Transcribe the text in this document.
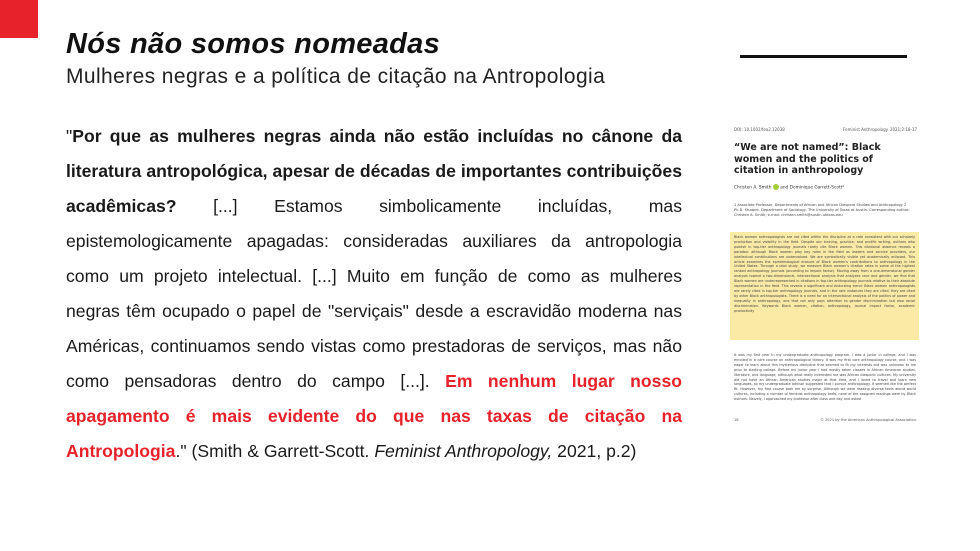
Nós não somos nomeadas
Mulheres negras e a política de citação na Antropologia
"Por que as mulheres negras ainda não estão incluídas no cânone da literatura antropológica, apesar de décadas de importantes contribuições acadêmicas? [...] Estamos simbolicamente incluídas, mas epistemologicamente apagadas: consideradas auxiliares da antropologia como um projeto intelectual. [...] Muito em função de como as mulheres negras têm ocupado o papel de "serviçais" desde a escravidão moderna nas Américas, continuamos sendo vistas como prestadoras de serviços, mas não como pensadoras dentro do campo [...]. Em nenhum lugar nosso apagamento é mais evidente do que nas taxas de citação na Antropologia." (Smith & Garrett-Scott. Feminist Anthropology, 2021, p.2)
DOI: 10.1002/fea2.12038	Feminist Anthropology. 2021;2:18-37
“We are not named”: Black women and the politics of citation in anthropology
Christen A. Smith  and Dominique Garrett-Scott²
1 Associate Professor, Departments of African and African Diaspora Studies and Anthropology 2 Ph.D. Student, Department of Sociology, The University of Texas at Austin. Corresponding author: Christen A. Smith; e-mail: christen.smith@austin.utexas.edu
Black women anthropologists are not cited within the discipline at a rate consistent with our scholarly production and visibility in the field. Despite our training, practice, and prolific writing, authors who publish in top-tier anthropology journals rarely cite Black women. This citational absence reveals a paradox: although Black women play key roles in the field as leaders and service providers, our intellectual contributions are undervalued. We are symbolically visible yet academically eclipsed. This article examines the epistemological erasure of Black women's contributions to anthropology in the United States. Through a pilot study, we measure Black women's citation rates in some of the highest ranked anthropology journals (according to impact factor). Moving away from a one-dimensional gender analysis toward a two-dimensional, intersectional analysis that analyzes race and gender, we find that Black women are underrepresented in citations in top-tier anthropology journals relative to their absolute representation in the field. This reveals a significant and disturbing trend: Black women anthropologists are rarely cited in top-tier anthropology journals, and in the rare instances they are cited, they are cited by other Black anthropologists. There is a need for an intersectional analysis of the politics of power and inequality in anthropology, one that not only pays attention to gender discrimination but also racial discrimination. Keywords Black women, citation, anthropology, journal impact factor, academic productivity
It was my first year in my undergraduate anthropology program. I was a junior in college, and I was enrolled in a core course on anthropological theory. It was my first core anthropology course, and I was eager to learn about this mysterious discipline that seemed to fit my interests but was unknown to me prior to starting college. Before my junior year I had mostly taken classes in African American studies, literature, and language, although what really interested me was African diasporic cultures. My university did not have an African American studies major at that time, and I loved to travel and learn new languages, so my undergraduate advisor suggested that I pursue anthropology. It seemed like the perfect fit. However, my first course took me by surprise. Although we were reading diverse texts about world cultures, including a number of feminist anthropology texts, none of the assigned readings were by Black authors. Naively, I approached my professor after class one day and asked
18	© 2021 by the American Anthropological Association.
